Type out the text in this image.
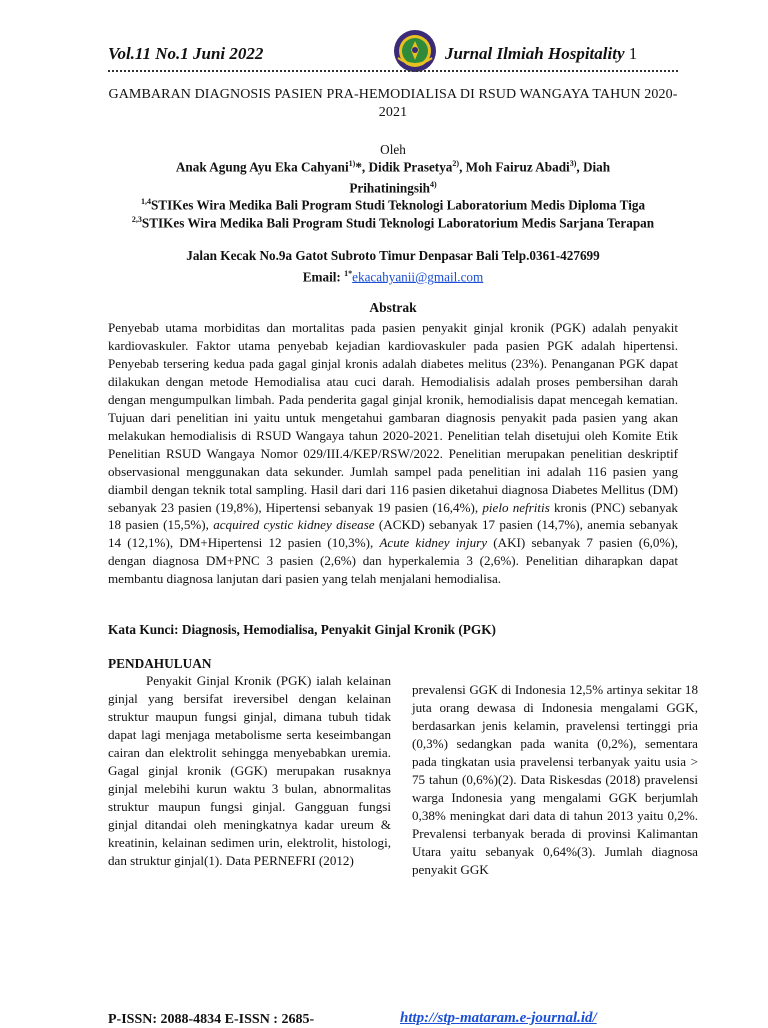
Vol.11 No.1 Juni 2022	Jurnal Ilmiah Hospitality 1
GAMBARAN DIAGNOSIS PASIEN PRA-HEMODIALISA DI RSUD WANGAYA TAHUN 2020-2021
Oleh
Anak Agung Ayu Eka Cahyani$^{1)}$*, Didik Prasetya$^{2)}$, Moh Fairuz Abadi$^{3)}$, Diah
Prihatiningsih$^{4)}$
$^{1,4}$STIKes Wira Medika Bali Program Studi Teknologi Laboratorium Medis Diploma Tiga
$^{2,3}$STIKes Wira Medika Bali Program Studi Teknologi Laboratorium Medis Sarjana Terapan
Jalan Kecak No.9a Gatot Subroto Timur Denpasar Bali Telp.0361-427699
Email: $^{1*}$ekacahyanii@gmail.com
Abstrak

Penyebab utama morbiditas dan mortalitas pada pasien penyakit ginjal kronik (PGK) adalah penyakit kardiovaskuler. Faktor utama penyebab kejadian kardiovaskuler pada pasien PGK adalah hipertensi. Penyebab tersering kedua pada gagal ginjal kronis adalah diabetes melitus (23%). Penanganan PGK dapat dilakukan dengan metode Hemodialisa atau cuci darah. Hemodialisis adalah proses pembersihan darah dengan mengumpulkan limbah. Pada penderita gagal ginjal kronik, hemodialisis dapat mencegah kematian. Tujuan dari penelitian ini yaitu untuk mengetahui gambaran diagnosis penyakit pada pasien yang akan melakukan hemodialisis di RSUD Wangaya tahun 2020-2021. Penelitian telah disetujui oleh Komite Etik Penelitian RSUD Wangaya Nomor 029/III.4/KEP/RSW/2022. Penelitian merupakan penelitian deskriptif observasional menggunakan data sekunder. Jumlah sampel pada penelitian ini adalah 116 pasien yang diambil dengan teknik total sampling. Hasil dari dari 116 pasien diketahui diagnosa Diabetes Mellitus (DM) sebanyak 23 pasien (19,8%), Hipertensi sebanyak 19 pasien (16,4%), pielo nefritis kronis (PNC) sebanyak 18 pasien (15,5%), acquired cystic kidney disease (ACKD) sebanyak 17 pasien (14,7%), anemia sebanyak 14 (12,1%), DM+Hipertensi 12 pasien (10,3%), Acute kidney injury (AKI) sebanyak 7 pasien (6,0%), dengan diagnosa DM+PNC 3 pasien (2,6%) dan hyperkalemia 3 (2,6%). Penelitian diharapkan dapat membantu diagnosa lanjutan dari pasien yang telah menjalani hemodialisa.

Kata Kunci: Diagnosis, Hemodialisa, Penyakit Ginjal Kronik (PGK)
PENDAHULUAN

Penyakit Ginjal Kronik (PGK) ialah kelainan ginjal yang bersifat ireversibel dengan kelainan struktur maupun fungsi ginjal, dimana tubuh tidak dapat lagi menjaga metabolisme serta keseimbangan cairan dan elektrolit sehingga menyebabkan uremia. Gagal ginjal kronik (GGK) merupakan rusaknya ginjal melebihi kurun waktu 3 bulan, abnormalitas struktur maupun fungsi ginjal. Gangguan fungsi ginjal ditandai oleh meningkatnya kadar ureum & kreatinin, kelainan sedimen urin, elektrolit, histologi, dan struktur ginjal(1). Data PERNEFRI (2012)

prevalensi GGK di Indonesia 12,5% artinya sekitar 18 juta orang dewasa di Indonesia mengalami GGK, berdasarkan jenis kelamin, pravelensi tertinggi pria (0,3%) sedangkan pada wanita (0,2%), sementara pada tingkatan usia pravelensi terbanyak yaitu usia > 75 tahun (0,6%)(2). Data Riskesdas (2018) pravelensi warga Indonesia yang mengalami GGK berjumlah 0,38% meningkat dari data di tahun 2013 yaitu 0,2%. Prevalensi terbanyak berada di provinsi Kalimantan Utara yaitu sebanyak 0,64%(3). Jumlah diagnosa penyakit GGK

P-ISSN: 2088-4834 E-ISSN : 2685-	http://stp-mataram.e-journal.id/
